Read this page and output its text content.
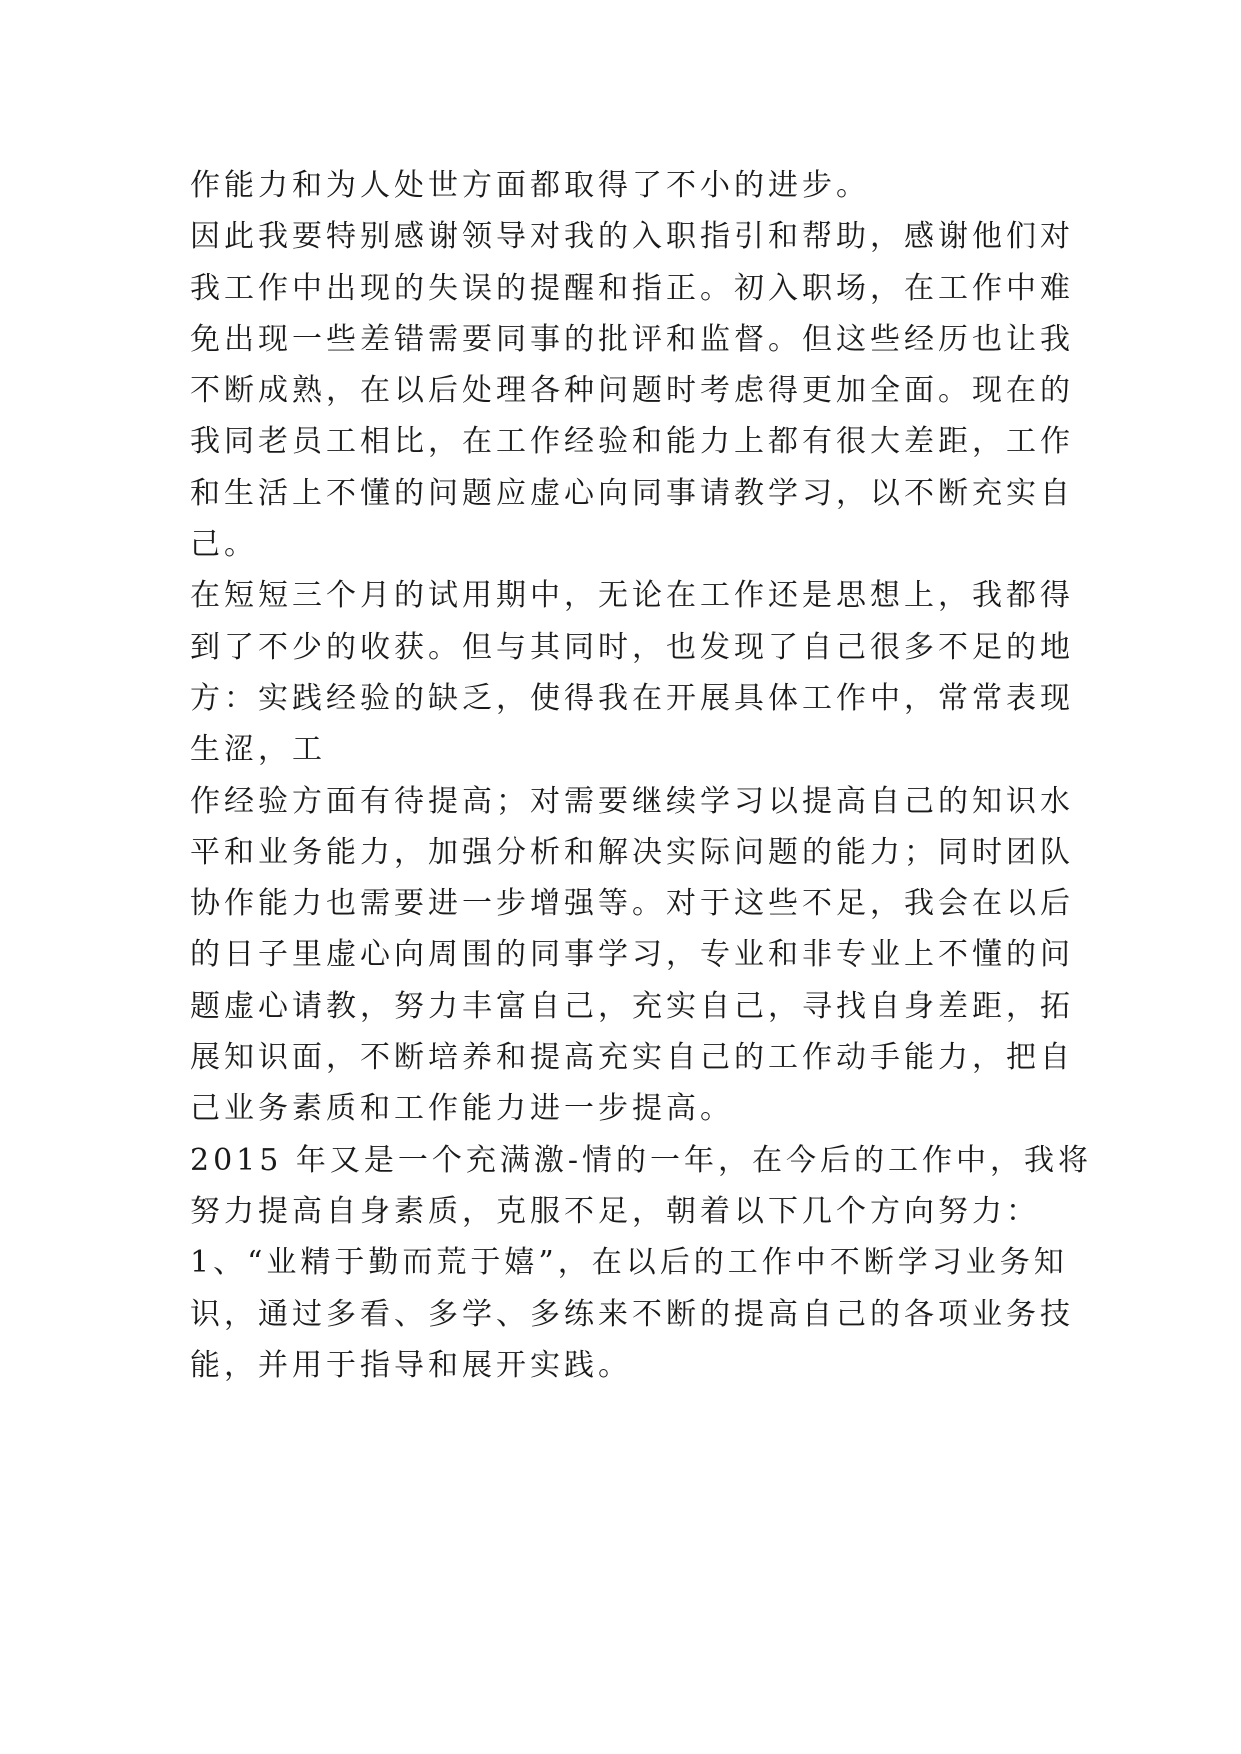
作能力和为人处世方面都取得了不小的进步。
因此我要特别感谢领导对我的入职指引和帮助，感谢他们对
我工作中出现的失误的提醒和指正。初入职场，在工作中难
免出现一些差错需要同事的批评和监督。但这些经历也让我
不断成熟，在以后处理各种问题时考虑得更加全面。现在的
我同老员工相比，在工作经验和能力上都有很大差距，工作
和生活上不懂的问题应虚心向同事请教学习，以不断充实自
己。
在短短三个月的试用期中，无论在工作还是思想上，我都得
到了不少的收获。但与其同时，也发现了自己很多不足的地
方：实践经验的缺乏，使得我在开展具体工作中，常常表现
生涩，工
作经验方面有待提高；对需要继续学习以提高自己的知识水
平和业务能力，加强分析和解决实际问题的能力；同时团队
协作能力也需要进一步增强等。对于这些不足，我会在以后
的日子里虚心向周围的同事学习，专业和非专业上不懂的问
题虚心请教，努力丰富自己，充实自己，寻找自身差距，拓
展知识面，不断培养和提高充实自己的工作动手能力，把自
己业务素质和工作能力进一步提高。
2015 年又是一个充满激-情的一年，在今后的工作中，我将
努力提高自身素质，克服不足，朝着以下几个方向努力：
1、“业精于勤而荒于嬉”，在以后的工作中不断学习业务知
识，通过多看、多学、多练来不断的提高自己的各项业务技
能，并用于指导和展开实践。
